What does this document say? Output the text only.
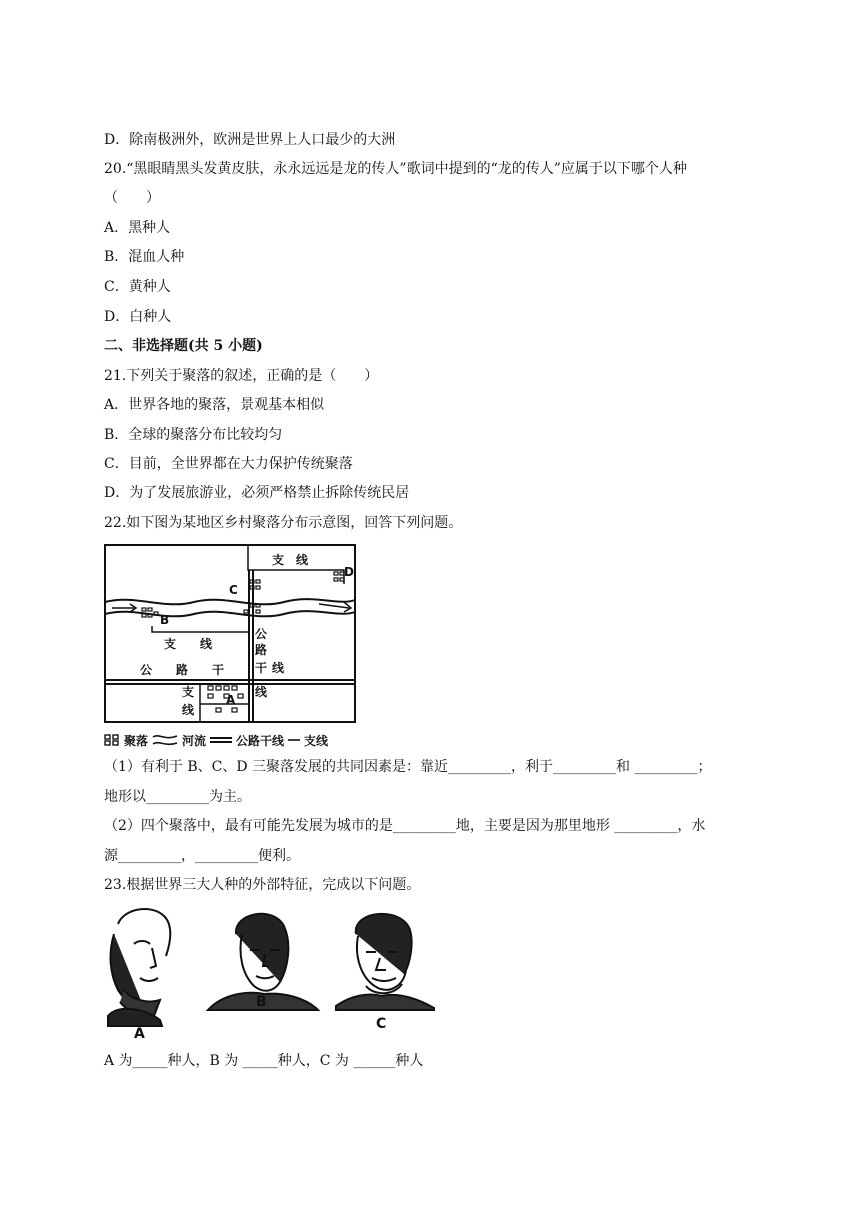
D．除南极洲外，欧洲是世界上人口最少的大洲
20.“黑眼睛黑头发黄皮肤，永永远远是龙的传人”歌词中提到的“龙的传人”应属于以下哪个人种
（　　）
A．黑种人
B．混血人种
C．黄种人
D．白种人
二、非选择题(共 5 小题)
21.下列关于聚落的叙述，正确的是（　　）
A．世界各地的聚落，景观基本相似
B．全球的聚落分布比较均匀
C．目前，全世界都在大力保护传统聚落
D．为了发展旅游业，必须严格禁止拆除传统民居
22.如下图为某地区乡村聚落分布示意图，回答下列问题。
支　线
D
C
B
支　　线
公
路
干 线
公　　路　　干
线
支
线
A
聚落	河流	公路干线 支线
（1）有利于 B、C、D 三聚落发展的共同因素是：靠近_________，利于_________和 _________；
地形以_________为主。
（2）四个聚落中，最有可能先发展为城市的是_________地，主要是因为那里地形 _________，水
源_________，_________便利。
23.根据世界三大人种的外部特征，完成以下问题。
A
B
C
A 为_____种人，B 为 _____种人，C 为 ______种人
